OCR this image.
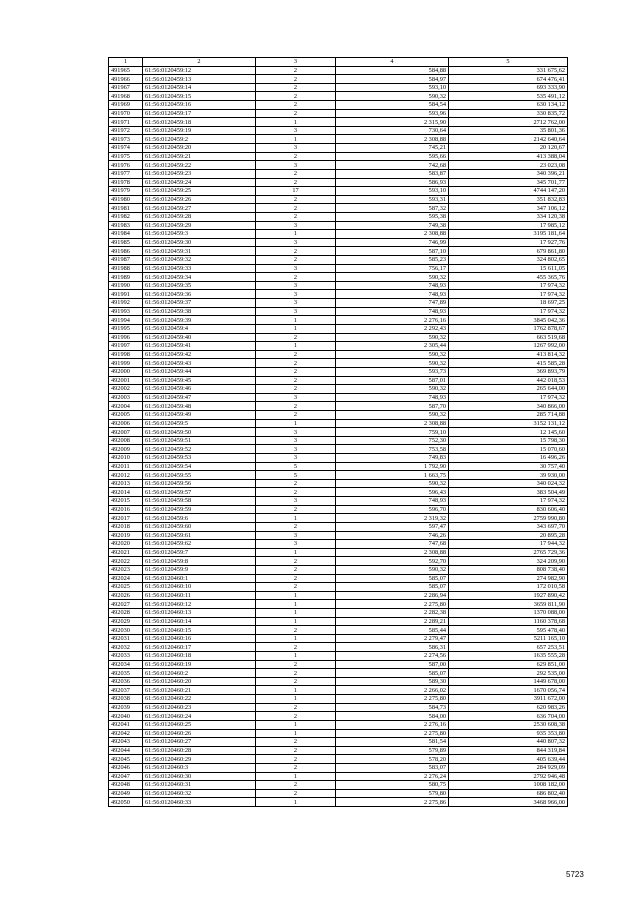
1	2	3	4	5
491965	61:56:0120459:12	2	584,88	331 675,62
491966	61:56:0120459:13	2	584,97	674 476,41
491967	61:56:0120459:14	2	593,10	693 333,90
491968	61:56:0120459:15	2	590,32	535 491,12
491969	61:56:0120459:16	2	584,54	630 134,12
491970	61:56:0120459:17	2	593,96	330 835,72
491971	61:56:0120459:18	1	2 315,90	2712 762,00
491972	61:56:0120459:19	3	730,64	35 801,36
491973	61:56:0120459:2	1	2 308,88	2142 640,64
491974	61:56:0120459:20	3	745,21	20 120,67
491975	61:56:0120459:21	2	595,66	413 388,04
491976	61:56:0120459:22	3	742,68	23 023,08
491977	61:56:0120459:23	2	583,87	340 396,21
491978	61:56:0120459:24	2	586,93	345 701,77
491979	61:56:0120459:25	17	593,10	4744 147,20
491980	61:56:0120459:26	2	593,31	351 832,83
491981	61:56:0120459:27	2	587,32	347 106,12
491982	61:56:0120459:28	2	595,38	334 120,38
491983	61:56:0120459:29	3	749,38	17 985,12
491984	61:56:0120459:3	1	2 308,88	3195 181,64
491985	61:56:0120459:30	3	746,99	17 927,76
491986	61:56:0120459:31	2	587,10	679 861,80
491987	61:56:0120459:32	2	585,23	324 802,65
491988	61:56:0120459:33	3	756,17	15 611,05
491989	61:56:0120459:34	2	590,32	455 365,76
491990	61:56:0120459:35	3	748,93	17 974,32
491991	61:56:0120459:36	3	748,93	17 974,32
491992	61:56:0120459:37	3	747,89	18 697,25
491993	61:56:0120459:38	3	748,93	17 974,32
491994	61:56:0120459:39	1	2 276,16	3845 042,36
491995	61:56:0120459:4	1	2 292,43	1762 878,67
491996	61:56:0120459:40	2	590,32	663 519,68
491997	61:56:0120459:41	1	2 305,44	1267 992,00
491998	61:56:0120459:42	2	590,32	413 814,32
491999	61:56:0120459:43	2	590,32	415 585,28
492000	61:56:0120459:44	2	593,73	369 893,79
492001	61:56:0120459:45	2	587,01	442 018,53
492002	61:56:0120459:46	2	590,32	265 644,00
492003	61:56:0120459:47	3	748,93	17 974,32
492004	61:56:0120459:48	2	587,70	340 866,00
492005	61:56:0120459:49	2	590,32	285 714,88
492006	61:56:0120459:5	1	2 308,88	3152 131,12
492007	61:56:0120459:50	3	759,10	12 145,60
492008	61:56:0120459:51	3	752,30	15 798,30
492009	61:56:0120459:52	3	753,58	15 070,60
492010	61:56:0120459:53	3	749,83	16 496,26
492011	61:56:0120459:54	5	1 792,90	30 757,40
492012	61:56:0120459:55	5	1 663,75	39 930,00
492013	61:56:0120459:56	2	590,32	340 024,32
492014	61:56:0120459:57	2	596,43	383 504,49
492015	61:56:0120459:58	3	748,93	17 974,32
492016	61:56:0120459:59	2	596,70	830 606,40
492017	61:56:0120459:6	1	2 319,32	2759 990,80
492018	61:56:0120459:60	2	597,47	343 697,70
492019	61:56:0120459:61	3	746,26	20 895,28
492020	61:56:0120459:62	3	747,68	17 944,32
492021	61:56:0120459:7	1	2 308,88	2765 729,36
492022	61:56:0120459:8	2	592,70	324 209,90
492023	61:56:0120459:9	2	590,32	808 738,40
492024	61:56:0120460:1	2	585,07	274 982,90
492025	61:56:0120460:10	2	585,07	172 010,58
492026	61:56:0120460:11	1	2 286,94	1927 890,42
492027	61:56:0120460:12	1	2 275,80	3659 811,90
492028	61:56:0120460:13	1	2 282,38	1370 088,00
492029	61:56:0120460:14	1	2 289,21	1160 378,68
492030	61:56:0120460:15	2	585,44	595 478,40
492031	61:56:0120460:16	1	2 279,47	5211 165,10
492032	61:56:0120460:17	2	586,31	657 253,51
492033	61:56:0120460:18	1	2 274,56	1635 555,28
492034	61:56:0120460:19	2	587,00	629 851,00
492035	61:56:0120460:2	2	585,07	292 535,00
492036	61:56:0120460:20	2	589,30	1449 678,00
492037	61:56:0120460:21	1	2 266,02	1670 056,74
492038	61:56:0120460:22	1	2 275,80	3911 672,00
492039	61:56:0120460:23	2	584,73	620 983,26
492040	61:56:0120460:24	2	584,00	636 704,00
492041	61:56:0120460:25	1	2 276,16	2530 608,38
492042	61:56:0120460:26	1	2 275,80	935 353,80
492043	61:56:0120460:27	2	581,54	440 807,32
492044	61:56:0120460:28	2	579,89	844 319,84
492045	61:56:0120460:29	2	578,20	405 639,44
492046	61:56:0120460:3	2	583,07	284 929,09
492047	61:56:0120460:30	1	2 276,24	2792 946,48
492048	61:56:0120460:31	2	580,75	1008 182,00
492049	61:56:0120460:32	2	579,80	686 802,40
492050	61:56:0120460:33	1	2 275,86	3468 966,00
5723
